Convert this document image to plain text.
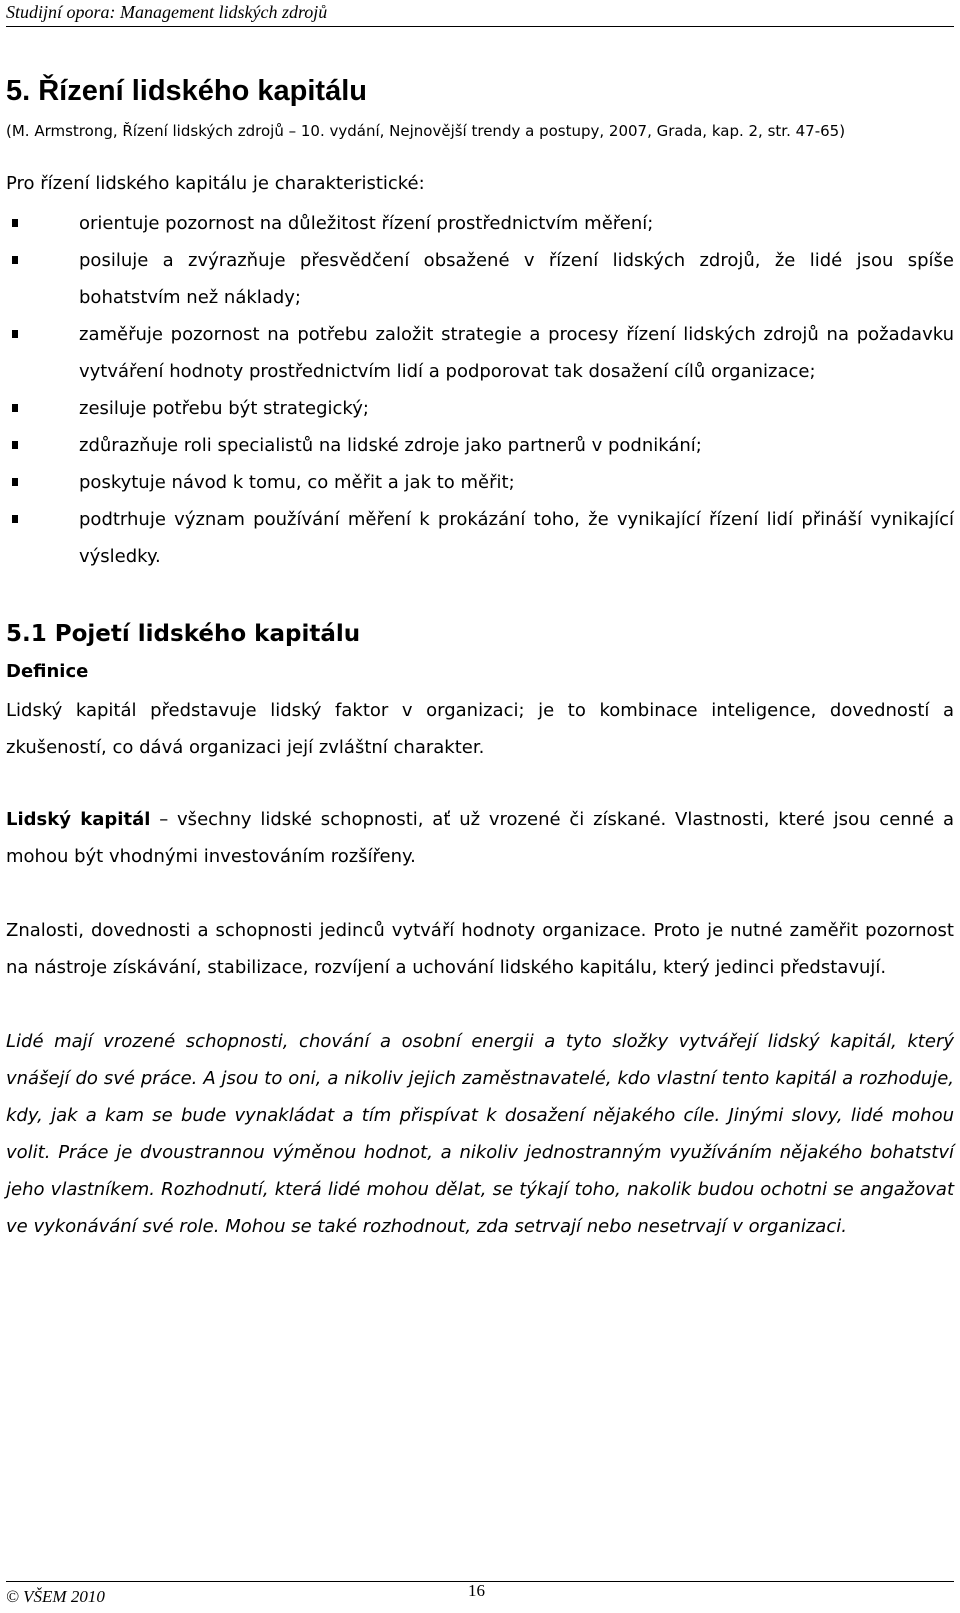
Studijní opora: Management lidských zdrojů
5. Řízení lidského kapitálu

(M. Armstrong, Řízení lidských zdrojů – 10. vydání, Nejnovější trendy a postupy, 2007, Grada, kap. 2, str. 47-65)

Pro řízení lidského kapitálu je charakteristické:

orientuje pozornost na důležitost řízení prostřednictvím měření;
posiluje a zvýrazňuje přesvědčení obsažené v řízení lidských zdrojů, že lidé jsou spíše bohatstvím než náklady;
zaměřuje pozornost na potřebu založit strategie a procesy řízení lidských zdrojů na požadavku vytváření hodnoty prostřednictvím lidí a podporovat tak dosažení cílů organizace;
zesiluje potřebu být strategický;
zdůrazňuje roli specialistů na lidské zdroje jako partnerů v podnikání;
poskytuje návod k tomu, co měřit a jak to měřit;
podtrhuje význam používání měření k prokázání toho, že vynikající řízení lidí přináší vynikající výsledky.
5.1 Pojetí lidského kapitálu
Definice

Lidský kapitál představuje lidský faktor v organizaci; je to kombinace inteligence, dovedností a zkušeností, co dává organizaci její zvláštní charakter.

Lidský kapitál – všechny lidské schopnosti, ať už vrozené či získané. Vlastnosti, které jsou cenné a mohou být vhodnými investováním rozšířeny.

Znalosti, dovednosti a schopnosti jedinců vytváří hodnoty organizace. Proto je nutné zaměřit pozornost na nástroje získávání, stabilizace, rozvíjení a uchování lidského kapitálu, který jedinci představují.

Lidé mají vrozené schopnosti, chování a osobní energii a tyto složky vytvářejí lidský kapitál, který vnášejí do své práce. A jsou to oni, a nikoliv jejich zaměstnavatelé, kdo vlastní tento kapitál a rozhoduje, kdy, jak a kam se bude vynakládat a tím přispívat k dosažení nějakého cíle. Jinými slovy, lidé mohou volit. Práce je dvoustrannou výměnou hodnot, a nikoliv jednostranným využíváním nějakého bohatství jeho vlastníkem. Rozhodnutí, která lidé mohou dělat, se týkají toho, nakolik budou ochotni se angažovat ve vykonávání své role. Mohou se také rozhodnout, zda setrvají nebo nesetrvají v organizaci.

© VŠEM 2010	16
